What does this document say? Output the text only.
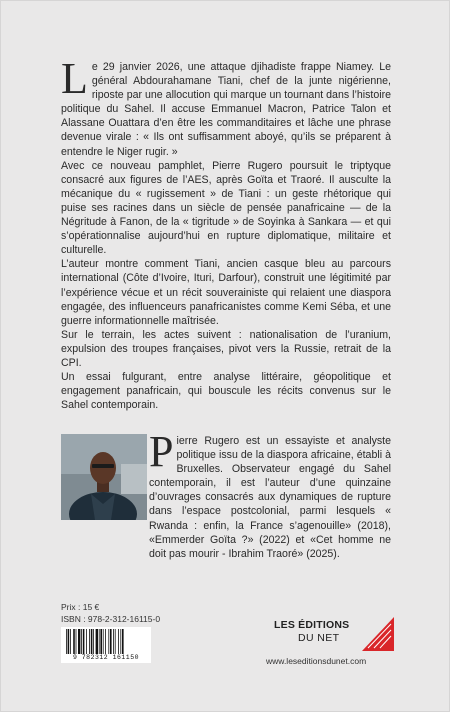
Le 29 janvier 2026, une attaque djihadiste frappe Niamey. Le général Abdourahamane Tiani, chef de la junte nigérienne, riposte par une allocution qui marque un tournant dans l’histoire politique du Sahel. Il accuse Emmanuel Macron, Patrice Talon et Alassane Ouattara d’en être les commanditaires et lâche une phrase devenue virale : « Ils ont suffisamment aboyé, qu’ils se préparent à entendre le Niger rugir. »

Avec ce nouveau pamphlet, Pierre Rugero poursuit le triptyque consacré aux figures de l’AES, après Goïta et Traoré. Il ausculte la mécanique du « rugissement » de Tiani : un geste rhétorique qui puise ses racines dans un siècle de pensée panafricaine — de la Négritude à Fanon, de la « tigritude » de Soyinka à Sankara — et qui s’opérationnalise aujourd’hui en rupture diplomatique, militaire et culturelle.

L’auteur montre comment Tiani, ancien casque bleu au parcours international (Côte d’Ivoire, Ituri, Darfour), construit une légitimité par l’expérience vécue et un récit souverainiste qui relaient une diaspora engagée, des influenceurs panafricanistes comme Kemi Séba, et une guerre informationnelle maîtrisée.

Sur le terrain, les actes suivent : nationalisation de l’uranium, expulsion des troupes françaises, pivot vers la Russie, retrait de la CPI.

Un essai fulgurant, entre analyse littéraire, géopolitique et engagement panafricain, qui bouscule les récits convenus sur le Sahel contemporain.

Pierre Rugero est un essayiste et analyste politique issu de la diaspora africaine, établi à Bruxelles. Observateur engagé du Sahel contemporain, il est l’auteur d’une quinzaine d’ouvrages consacrés aux dynamiques de rupture dans l’espace postcolonial, parmi lesquels « Rwanda : enfin, la France s’agenouille» (2018), «Emmerder Goïta ?» (2022) et «Cet homme ne doit pas mourir - Ibrahim Traoré» (2025).
Prix : 15 €
ISBN : 978-2-312-16115-0
9 782312 161150
LES ÉDITIONS
DU NET
www.leseditionsdunet.com
